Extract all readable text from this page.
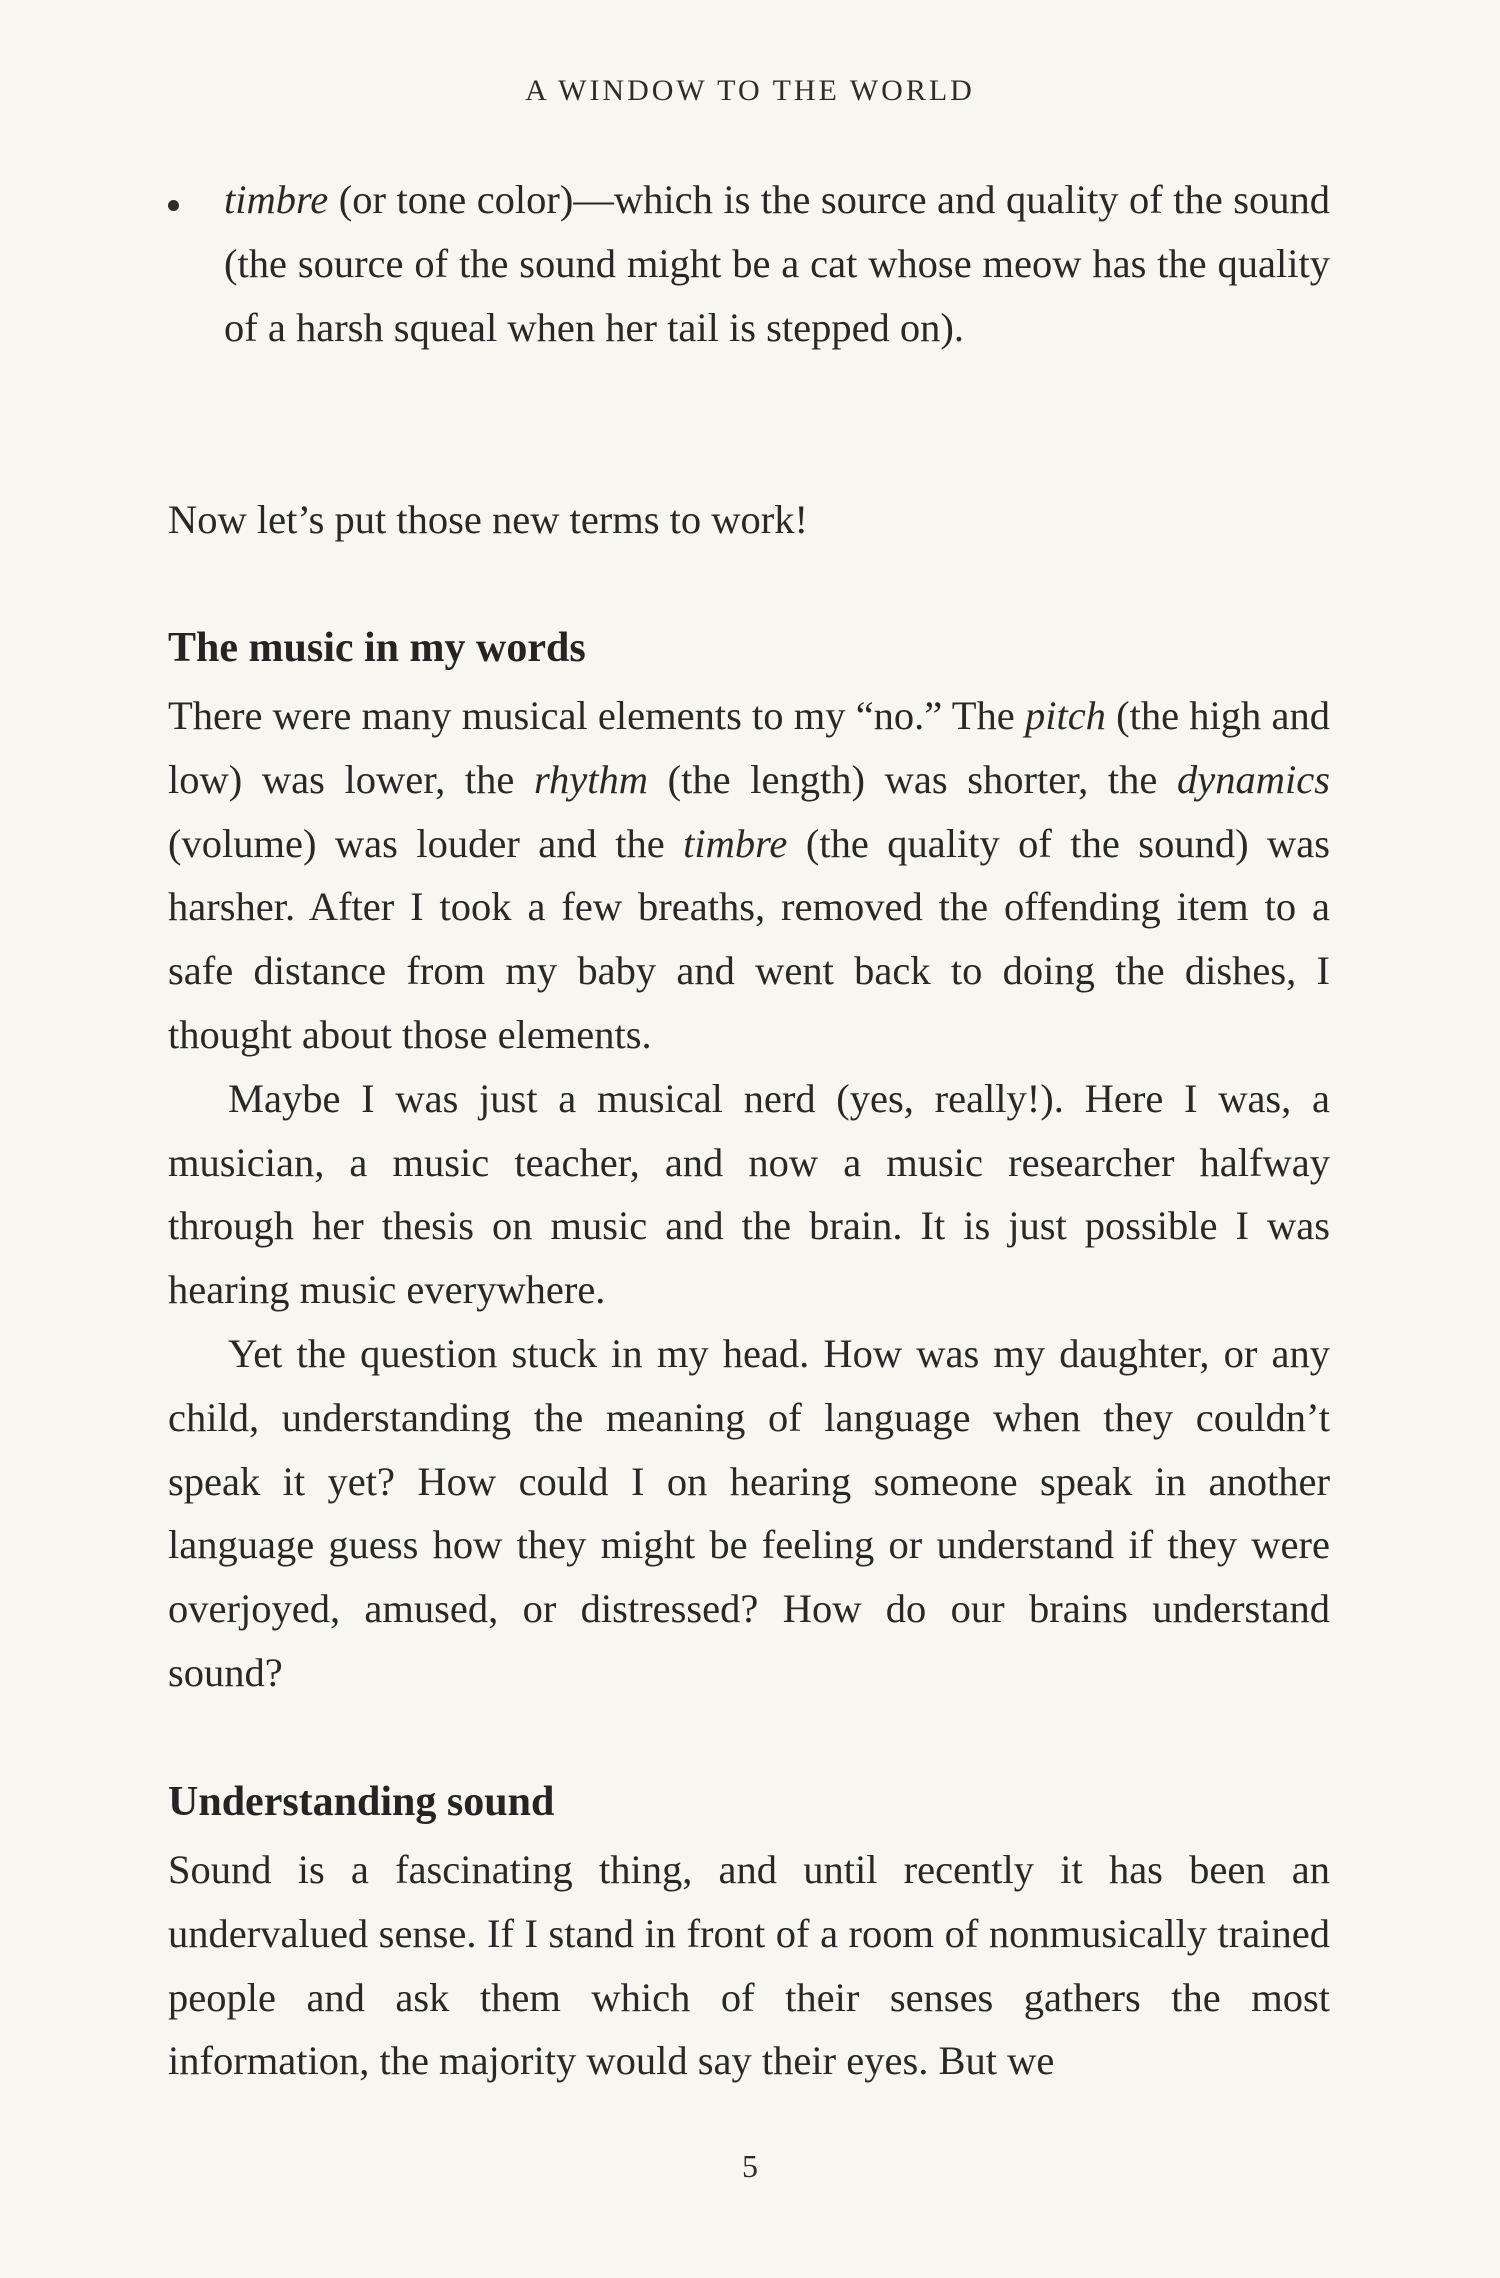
A WINDOW TO THE WORLD
timbre (or tone color)—which is the source and quality of the sound (the source of the sound might be a cat whose meow has the quality of a harsh squeal when her tail is stepped on).

Now let’s put those new terms to work!

The music in my words

There were many musical elements to my “no.” The pitch (the high and low) was lower, the rhythm (the length) was shorter, the dynamics (volume) was louder and the timbre (the quality of the sound) was harsher. After I took a few breaths, removed the offending item to a safe distance from my baby and went back to doing the dishes, I thought about those elements.

Maybe I was just a musical nerd (yes, really!). Here I was, a musician, a music teacher, and now a music researcher halfway through her thesis on music and the brain. It is just possible I was hearing music everywhere.

Yet the question stuck in my head. How was my daughter, or any child, understanding the meaning of language when they couldn’t speak it yet? How could I on hearing someone speak in another language guess how they might be feeling or understand if they were overjoyed, amused, or distressed? How do our brains understand sound?

Understanding sound

Sound is a fascinating thing, and until recently it has been an undervalued sense. If I stand in front of a room of nonmusically trained people and ask them which of their senses gathers the most information, the majority would say their eyes. But we

5
